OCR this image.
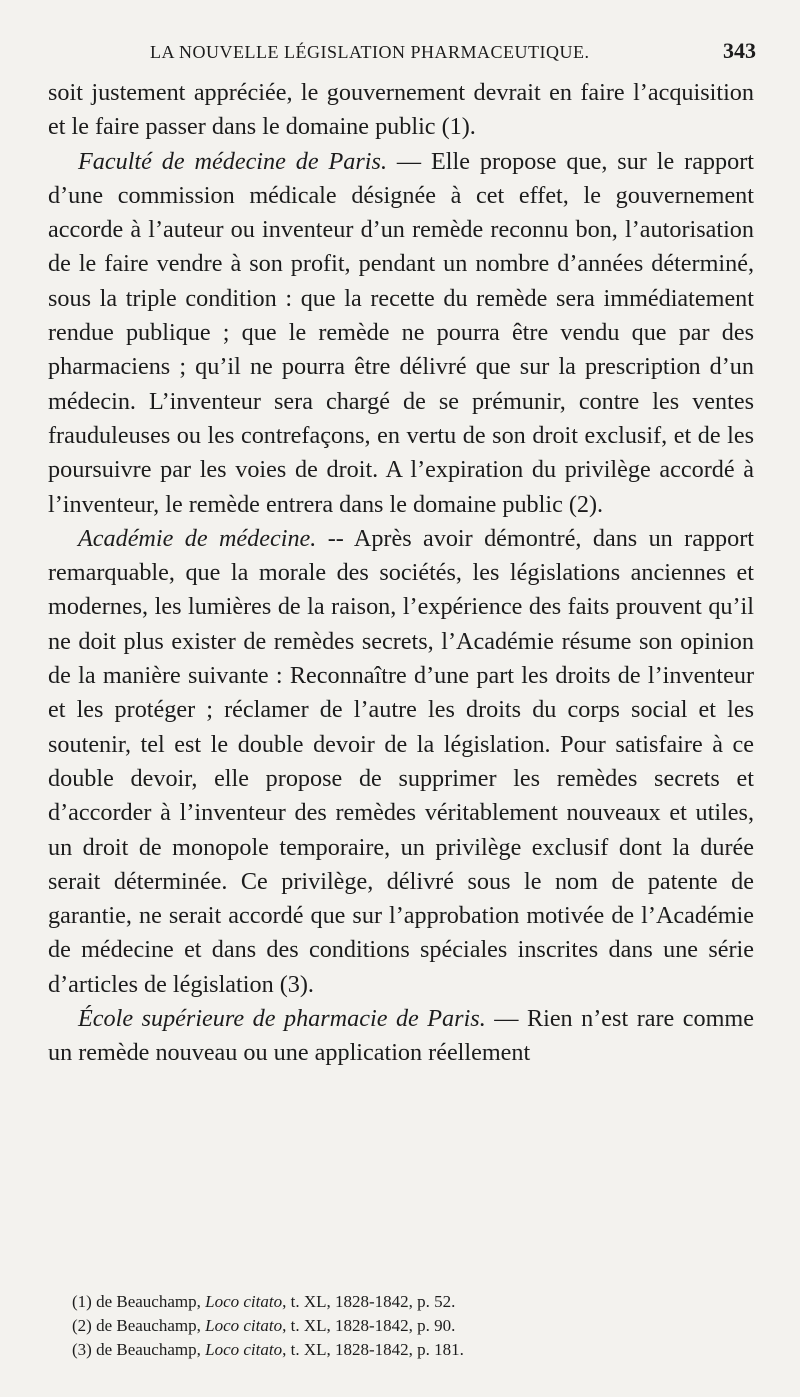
LA NOUVELLE LÉGISLATION PHARMACEUTIQUE.	343

soit justement appréciée, le gouvernement devrait en faire l’acquisition et le faire passer dans le domaine public (1).

Faculté de médecine de Paris. — Elle propose que, sur le rapport d’une commission médicale désignée à cet effet, le gouvernement accorde à l’auteur ou inventeur d’un remède reconnu bon, l’autorisation de le faire vendre à son profit, pendant un nombre d’années déterminé, sous la triple condition : que la recette du remède sera immédiatement rendue publique ; que le remède ne pourra être vendu que par des pharmaciens ; qu’il ne pourra être délivré que sur la prescription d’un médecin. L’inventeur sera chargé de se prémunir, contre les ventes frauduleuses ou les contrefaçons, en vertu de son droit exclusif, et de les poursuivre par les voies de droit. A l’expiration du privilège accordé à l’inventeur, le remède entrera dans le domaine public (2).

Académie de médecine. -- Après avoir démontré, dans un rapport remarquable, que la morale des sociétés, les législations anciennes et modernes, les lumières de la raison, l’expérience des faits prouvent qu’il ne doit plus exister de remèdes secrets, l’Académie résume son opinion de la manière suivante : Reconnaître d’une part les droits de l’inventeur et les protéger ; réclamer de l’autre les droits du corps social et les soutenir, tel est le double devoir de la législation. Pour satisfaire à ce double devoir, elle propose de supprimer les remèdes secrets et d’accorder à l’inventeur des remèdes véritablement nouveaux et utiles, un droit de monopole temporaire, un privilège exclusif dont la durée serait déterminée. Ce privilège, délivré sous le nom de patente de garantie, ne serait accordé que sur l’approbation motivée de l’Académie de médecine et dans des conditions spéciales inscrites dans une série d’articles de législation (3).

École supérieure de pharmacie de Paris. — Rien n’est rare comme un remède nouveau ou une application réellement

(1) de Beauchamp, Loco citato, t. XL, 1828-1842, p. 52.
(2) de Beauchamp, Loco citato, t. XL, 1828-1842, p. 90.
(3) de Beauchamp, Loco citato, t. XL, 1828-1842, p. 181.
